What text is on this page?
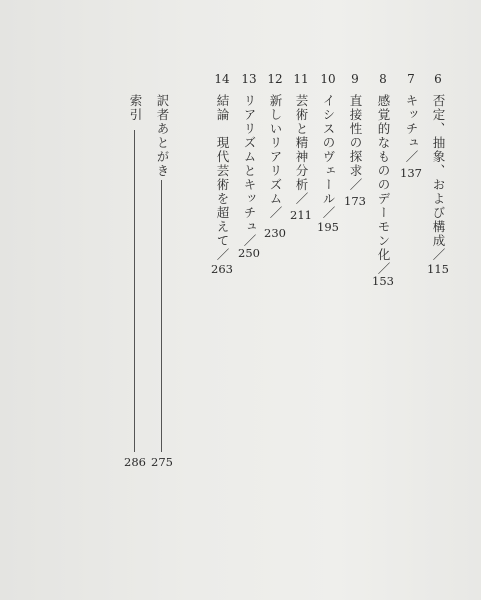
6
否定、抽象、および構成／
115
7
キッチュ／
137
8
感覚的なもののデーモン化／
153
9
直接性の探求／
173
10
イシスのヴェール／
195
11
芸術と精神分析／
211
12
新しいリアリズム／
230
13
リアリズムとキッチュ／
250
14
結論　現代芸術を超えて／
263
訳者あとがき
275
索引
286
